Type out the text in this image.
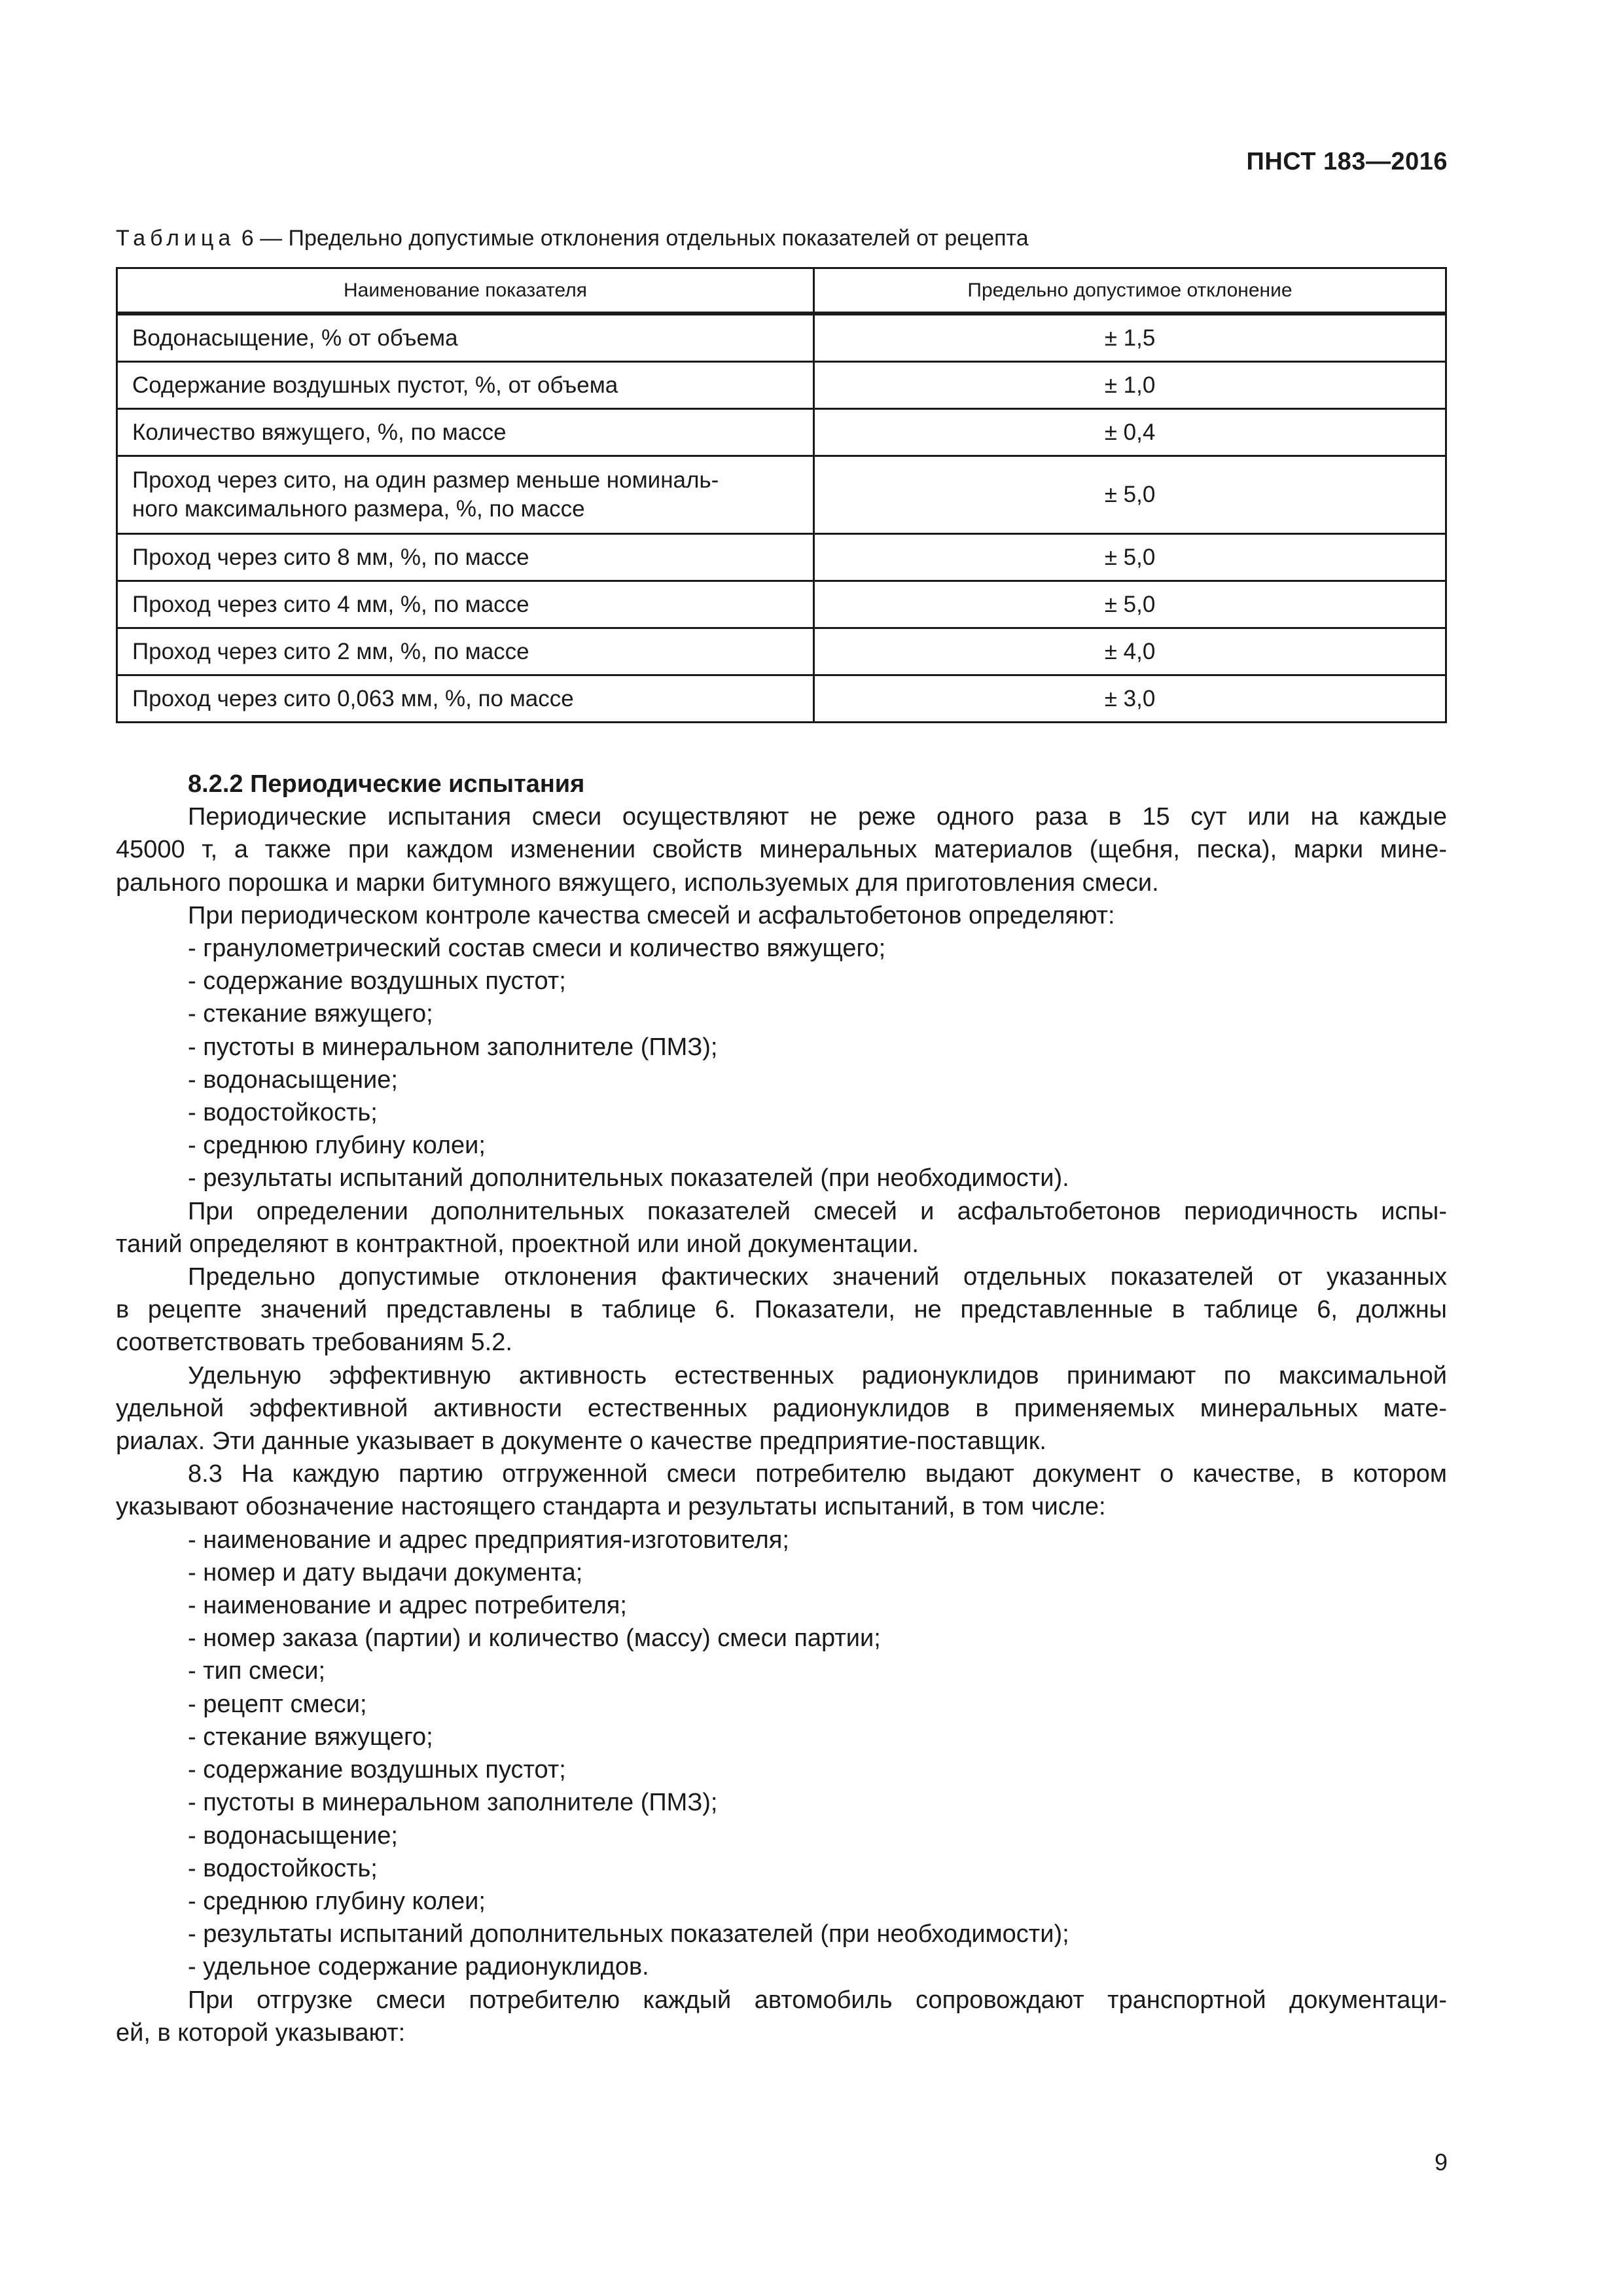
ПНСТ 183—2016
Таблица 6 — Предельно допустимые отклонения отдельных показателей от рецепта
Наименование показателя	Предельно допустимое отклонение
Водонасыщение, % от объема	± 1,5
Содержание воздушных пустот, %, от объема	± 1,0
Количество вяжущего, %, по массе	± 0,4
Проход через сито, на один размер меньше номиналь-
ного максимального размера, %, по массе	± 5,0
Проход через сито 8 мм, %, по массе	± 5,0
Проход через сито 4 мм, %, по массе	± 5,0
Проход через сито 2 мм, %, по массе	± 4,0
Проход через сито 0,063 мм, %, по массе	± 3,0
8.2.2 Периодические испытания

Периодические испытания смеси осуществляют не реже одного раза в 15 сут или на каждые

45000 т, а также при каждом изменении свойств минеральных материалов (щебня, песка), марки мине-

рального порошка и марки битумного вяжущего, используемых для приготовления смеси.

При периодическом контроле качества смесей и асфальтобетонов определяют:

- гранулометрический состав смеси и количество вяжущего;
- содержание воздушных пустот;
- стекание вяжущего;
- пустоты в минеральном заполнителе (ПМЗ);
- водонасыщение;
- водостойкость;
- среднюю глубину колеи;
- результаты испытаний дополнительных показателей (при необходимости).

При определении дополнительных показателей смесей и асфальтобетонов периодичность испы-

таний определяют в контрактной, проектной или иной документации.

Предельно допустимые отклонения фактических значений отдельных показателей от указанных

в рецепте значений представлены в таблице 6. Показатели, не представленные в таблице 6, должны

соответствовать требованиям 5.2.

Удельную эффективную активность естественных радионуклидов принимают по максимальной

удельной эффективной активности естественных радионуклидов в применяемых минеральных мате-

риалах. Эти данные указывает в документе о качестве предприятие-поставщик.

8.3 На каждую партию отгруженной смеси потребителю выдают документ о качестве, в котором

указывают обозначение настоящего стандарта и результаты испытаний, в том числе:

- наименование и адрес предприятия-изготовителя;
- номер и дату выдачи документа;
- наименование и адрес потребителя;
- номер заказа (партии) и количество (массу) смеси партии;
- тип смеси;
- рецепт смеси;
- стекание вяжущего;
- содержание воздушных пустот;
- пустоты в минеральном заполнителе (ПМЗ);
- водонасыщение;
- водостойкость;
- среднюю глубину колеи;
- результаты испытаний дополнительных показателей (при необходимости);
- удельное содержание радионуклидов.

При отгрузке смеси потребителю каждый автомобиль сопровождают транспортной документаци-

ей, в которой указывают:

9
